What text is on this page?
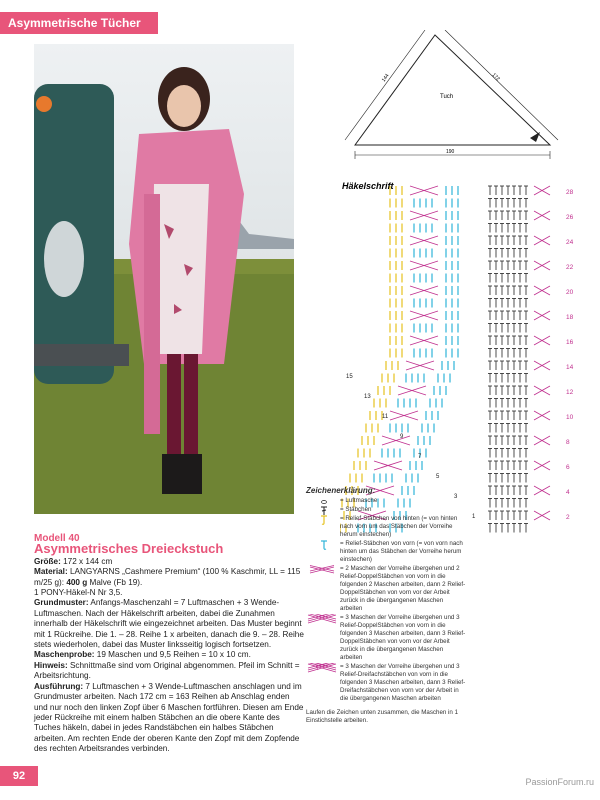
Asymmetrische Tücher
Tuch
144	172
190
Häkelschrift
28
26
24
22
20
18
16
14
12
10
8
6
4
2
15
13
11
9
7
5
3
1
Modell 40
Asymmetrisches Dreieckstuch

Größe: 172 x 144 cm

Material: LANGYARNS „Cashmere Premium“ (100 % Kaschmir, LL = 115 m/25 g): 400 g Malve (Fb 19).

1 PONY-Häkel-N Nr 3,5.

Grundmuster: Anfangs-Maschenzahl = 7 Luftmaschen + 3 Wende-Luftmaschen. Nach der Häkelschrift arbeiten, dabei die Zunahmen innerhalb der Häkelschrift wie eingezeichnet arbeiten. Das Muster beginnt mit 1 Rückreihe. Die 1. – 28. Reihe 1 x arbeiten, danach die 9. – 28. Reihe stets wiederholen, dabei das Muster linksseitig logisch fortsetzen.

Maschenprobe: 19 Maschen und 9,5 Reihen = 10 x 10 cm.

Hinweis: Schnittmaße sind vom Original abgenommen. Pfeil im Schnitt = Arbeitsrichtung.

Ausführung: 7 Luftmaschen + 3 Wende-Luftmaschen anschlagen und im Grundmuster arbeiten. Nach 172 cm = 163 Reihen ab Anschlag enden und nur noch den linken Zopf über 6 Maschen fortführen. Diesen am Ende jeder Rückreihe mit einem halben Stäbchen an die obere Kante des Tuches häkeln, dabei in jedes Randstäbchen ein halbes Stäbchen arbeiten. Am rechten Ende der oberen Kante den Zopf mit dem Zopfende des rechten Arbeitsrandes verbinden.

Zeichenerklärung:
= Luftmasche
= Stäbchen
= Relief-Stäbchen von hinten (= von hinten nach vorn um das Stäbchen der Vorreihe herum einstechen)
= Relief-Stäbchen von vorn (= von vorn nach hinten um das Stäbchen der Vorreihe herum einstechen)
= 2 Maschen der Vorreihe übergehen und 2 Relief-DoppelStäbchen von vorn in die folgenden 2 Maschen arbeiten, dann 2 Relief-DoppelStäbchen von vorn vor der Arbeit zurück in die übergangenen Maschen arbeiten
= 3 Maschen der Vorreihe übergehen und 3 Relief-DoppelStäbchen von vorn in die folgenden 3 Maschen arbeiten, dann 3 Relief-DoppelStäbchen von vorn vor der Arbeit zurück in die übergangenen Maschen arbeiten
= 3 Maschen der Vorreihe übergehen und 3 Relief-Dreifachstäbchen von vorn in die folgenden 3 Maschen arbeiten, dann 3 Relief-Dreifachstäbchen von vorn vor der Arbeit in die übergangenen Maschen arbeiten
Laufen die Zeichen unten zusammen, die Maschen in 1 Einstichstelle arbeiten.
92	PassionForum.ru
